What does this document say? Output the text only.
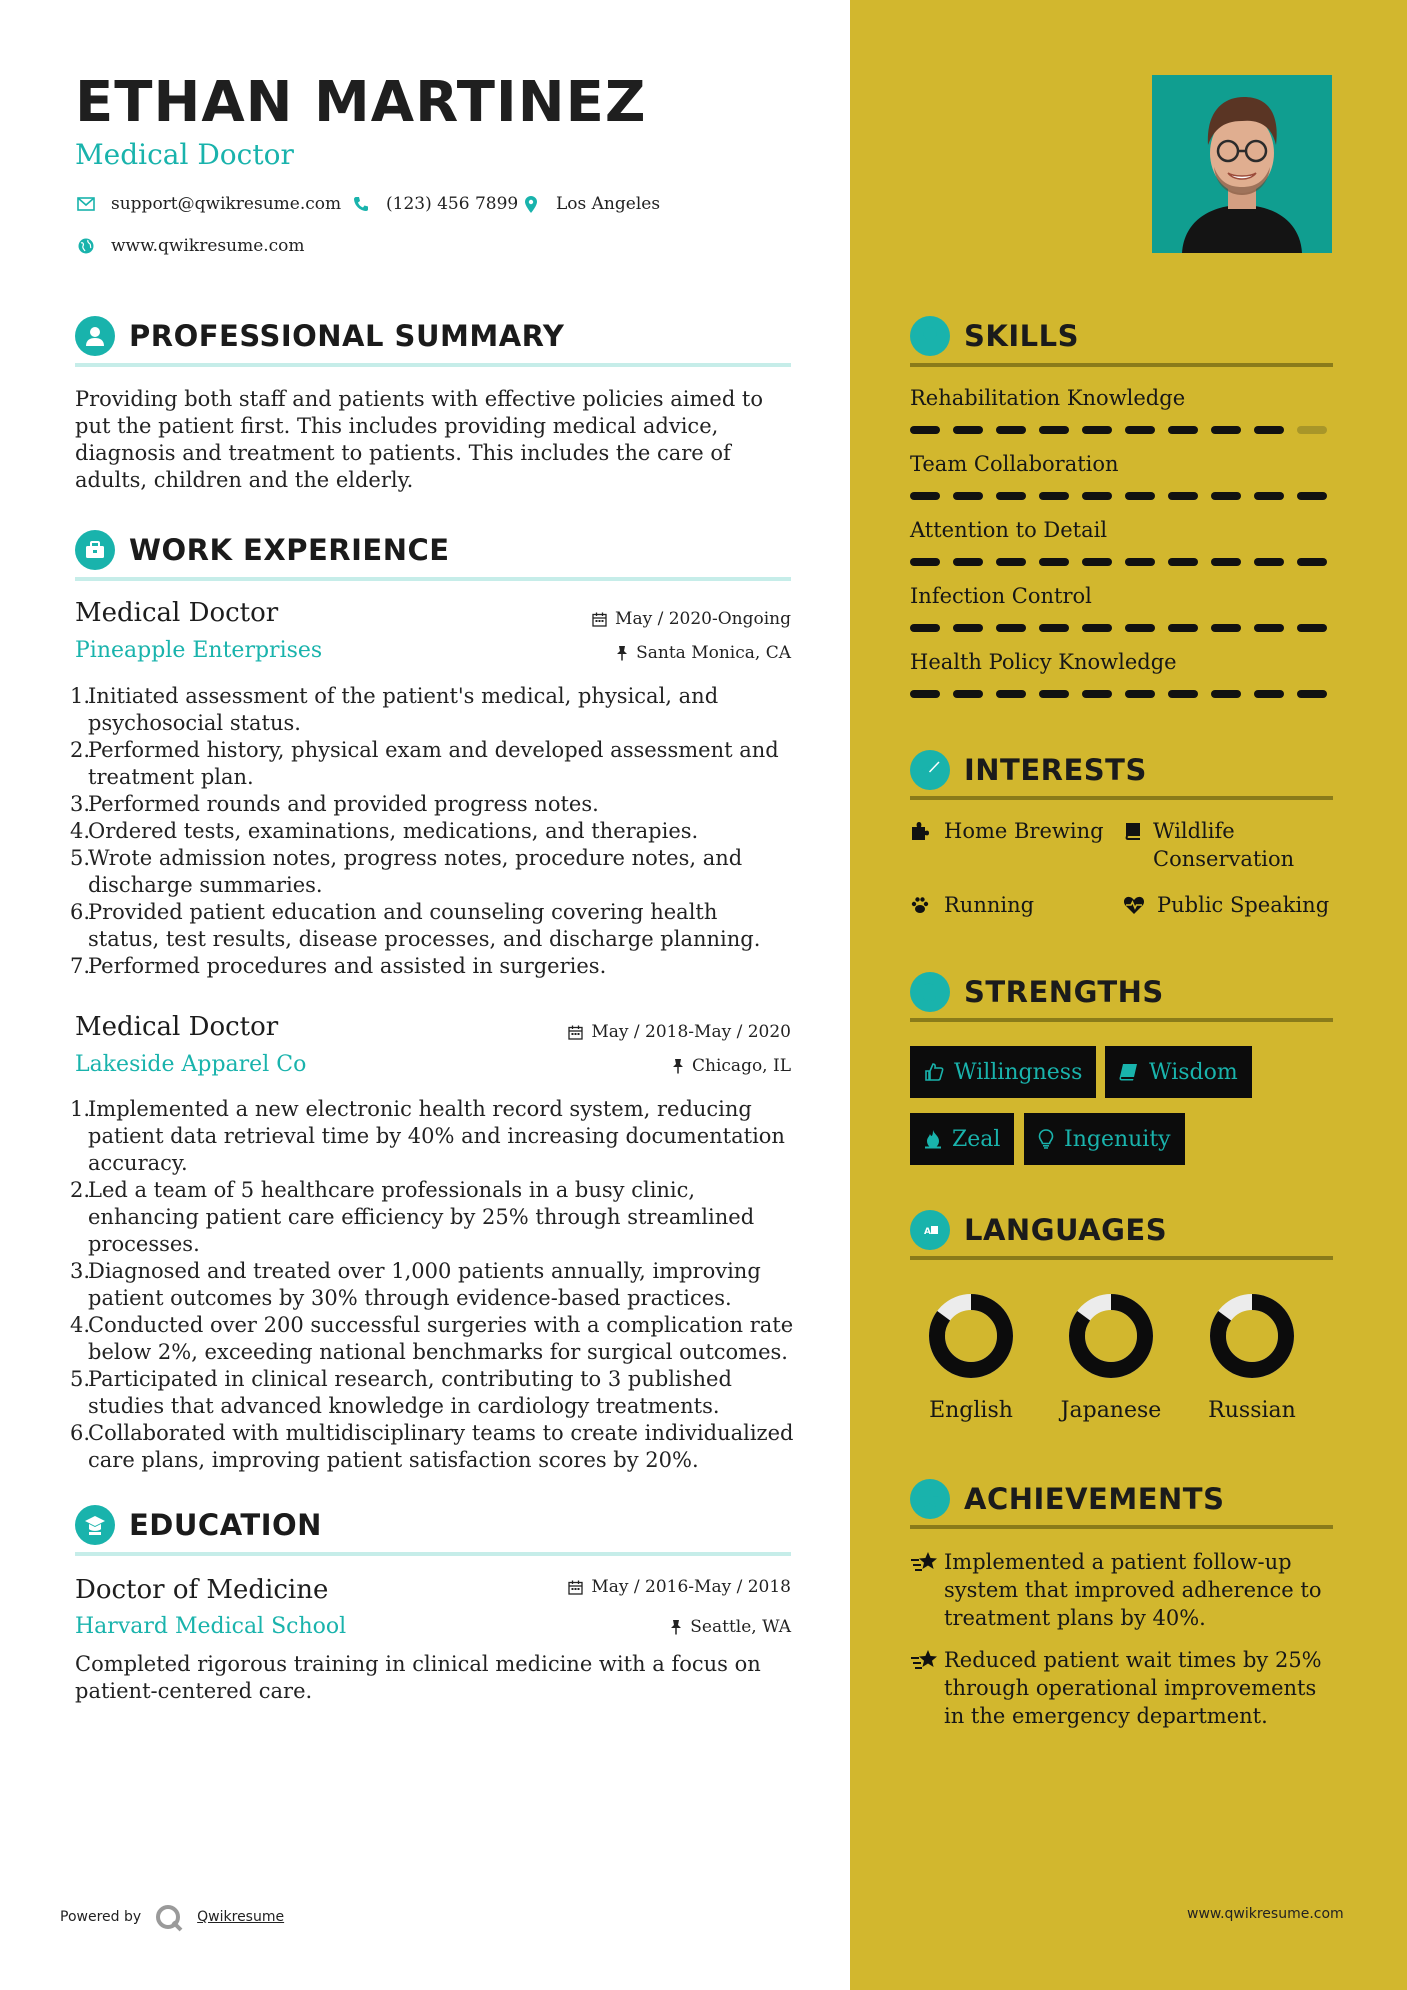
ETHAN MARTINEZ
Medical Doctor
support@qwikresume.com	(123) 456 7899 Los Angeles
www.qwikresume.com
PROFESSIONAL SUMMARY
Providing both staff and patients with effective policies aimed to put the patient first. This includes providing medical advice, diagnosis and treatment to patients. This includes the care of adults, children and the elderly.
WORK EXPERIENCE
Medical Doctor	May / 2020-Ongoing
Pineapple Enterprises	Santa Monica, CA
1.
Initiated assessment of the patient's medical, physical, and psychosocial status.
2.
Performed history, physical exam and developed assessment and treatment plan.
3.
Performed rounds and provided progress notes.
4.
Ordered tests, examinations, medications, and therapies.
5.
Wrote admission notes, progress notes, procedure notes, and discharge summaries.
6.
Provided patient education and counseling covering health status, test results, disease processes, and discharge planning.
7.
Performed procedures and assisted in surgeries.
Medical Doctor	May / 2018-May / 2020
Lakeside Apparel Co	Chicago, IL
1.
Implemented a new electronic health record system, reducing patient data retrieval time by 40% and increasing documentation accuracy.
2.
Led a team of 5 healthcare professionals in a busy clinic, enhancing patient care efficiency by 25% through streamlined processes.
3.
Diagnosed and treated over 1,000 patients annually, improving patient outcomes by 30% through evidence-based practices.
4.
Conducted over 200 successful surgeries with a complication rate below 2%, exceeding national benchmarks for surgical outcomes.
5.
Participated in clinical research, contributing to 3 published studies that advanced knowledge in cardiology treatments.
6.
Collaborated with multidisciplinary teams to create individualized care plans, improving patient satisfaction scores by 20%.
EDUCATION
Doctor of Medicine	May / 2016-May / 2018
Harvard Medical School	Seattle, WA
Completed rigorous training in clinical medicine with a focus on patient-centered care.
Powered by	Qwikresume
SKILLS
Rehabilitation Knowledge
Team Collaboration
Attention to Detail
Infection Control
Health Policy Knowledge
INTERESTS
Home Brewing Wildlife Conservation
Running	Public Speaking
STRENGTHS
Willingness	Wisdom
Zeal	Ingenuity
A LANGUAGES
English	Japanese	Russian
ACHIEVEMENTS
Implemented a patient follow-up system that improved adherence to treatment plans by 40%.
Reduced patient wait times by 25% through operational improvements in the emergency department.
www.qwikresume.com
